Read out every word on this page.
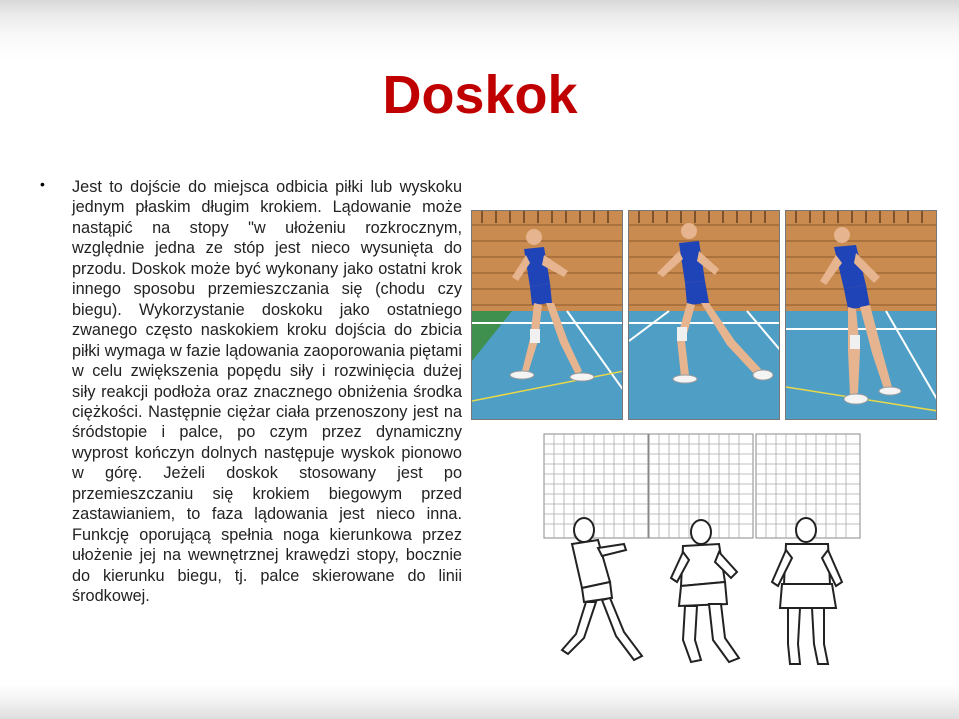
Doskok
• Jest to dojście do miejsca odbicia piłki lub wyskoku jednym płaskim długim krokiem. Lądowanie może nastąpić na stopy "w ułożeniu rozkrocznym, względnie jedna ze stóp jest nieco wysunięta do przodu. Doskok może być wykonany jako ostatni krok innego sposobu przemieszczania się (chodu czy biegu). Wykorzystanie doskoku jako ostatniego zwanego często naskokiem kroku dojścia do zbicia piłki wymaga w fazie lądowania zaoporowania piętami w celu zwiększenia popędu siły i rozwinięcia dużej siły reakcji podłoża oraz znacznego obniżenia środka ciężkości. Następnie ciężar ciała przenoszony jest na śródstopie i palce, po czym przez dynamiczny wyprost kończyn dolnych następuje wyskok pionowo w górę. Jeżeli doskok stosowany jest po przemieszczaniu się krokiem biegowym przed zastawianiem, to faza lądowania jest nieco inna. Funkcję oporującą spełnia noga kierunkowa przez ułożenie jej na wewnętrznej krawędzi stopy, bocznie do kierunku biegu, tj. palce skierowane do linii środkowej.
